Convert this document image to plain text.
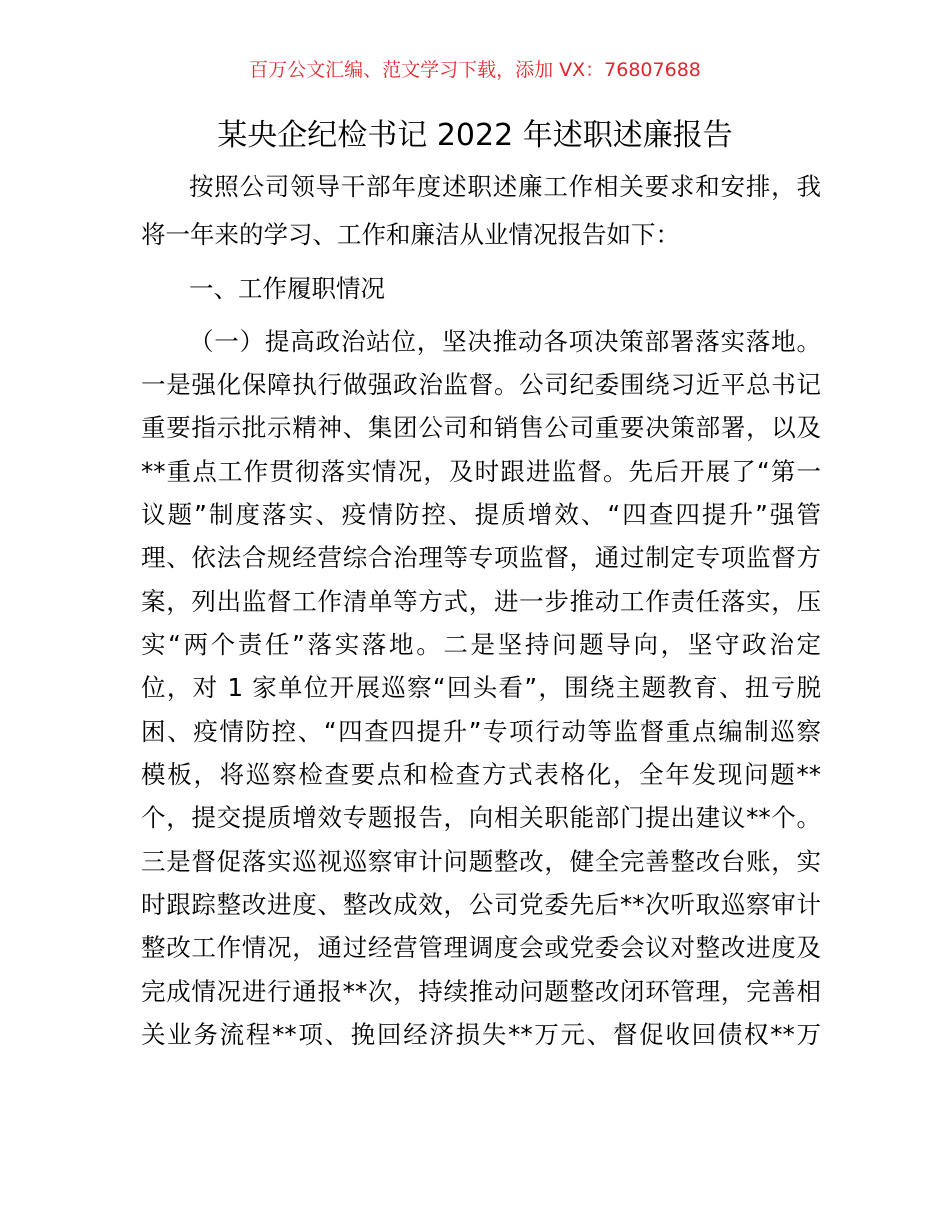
百万公文汇编、范文学习下载，添加 VX：76807688
某央企纪检书记 2022 年述职述廉报告
按照公司领导干部年度述职述廉工作相关要求和安排，我
将一年来的学习、工作和廉洁从业情况报告如下：
一、工作履职情况
（一）提高政治站位，坚决推动各项决策部署落实落地。
一是强化保障执行做强政治监督。公司纪委围绕习近平总书记
重要指示批示精神、集团公司和销售公司重要决策部署，以及
**重点工作贯彻落实情况，及时跟进监督。先后开展了“第一
议题”制度落实、疫情防控、提质增效、“四查四提升”强管
理、依法合规经营综合治理等专项监督，通过制定专项监督方
案，列出监督工作清单等方式，进一步推动工作责任落实，压
实“两个责任”落实落地。二是坚持问题导向，坚守政治定
位，对 1 家单位开展巡察“回头看”，围绕主题教育、扭亏脱
困、疫情防控、“四查四提升”专项行动等监督重点编制巡察
模板，将巡察检查要点和检查方式表格化，全年发现问题**
个，提交提质增效专题报告，向相关职能部门提出建议**个。
三是督促落实巡视巡察审计问题整改，健全完善整改台账，实
时跟踪整改进度、整改成效，公司党委先后**次听取巡察审计
整改工作情况，通过经营管理调度会或党委会议对整改进度及
完成情况进行通报**次，持续推动问题整改闭环管理，完善相
关业务流程**项、挽回经济损失**万元、督促收回债权**万
